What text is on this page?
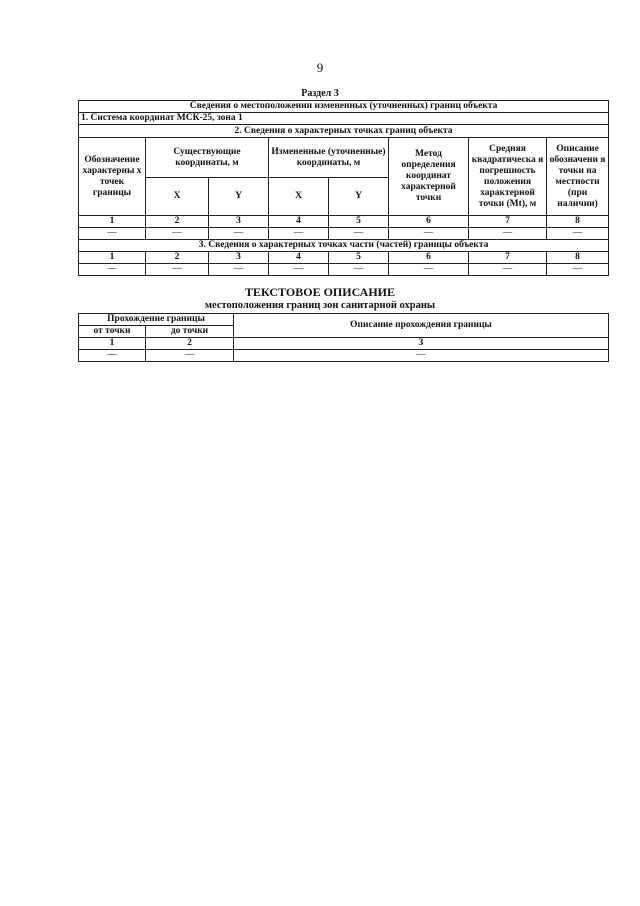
9
Раздел 3
Сведения о местоположении измененных (уточненных) границ объекта							
1. Система координат МСК-25, зона 1							
2. Сведения о характерных точках границ объекта							
Обозначение характерны х точек границы	Существующие координаты, м		Измененные (уточненные) координаты, м		Метод определения координат характерной точки	Средняя квадратическа я погрешность положения характерной точки (Mt), м	Описание обозначени я точки на местности (при наличии)
	X	Y	X	Y			
1	2	3	4	5	6	7	8
—	—	—	—	—	—	—	—
3. Сведения о характерных точках части (частей) границы объекта							
1	2	3	4	5	6	7	8
—	—	—	—	—	—	—	—
ТЕКСТОВОЕ ОПИСАНИЕ
местоположения границ зон санитарной охраны
Прохождение границы		Описание прохождения границы
от точки	до точки	
1	2	3
—	—	—
